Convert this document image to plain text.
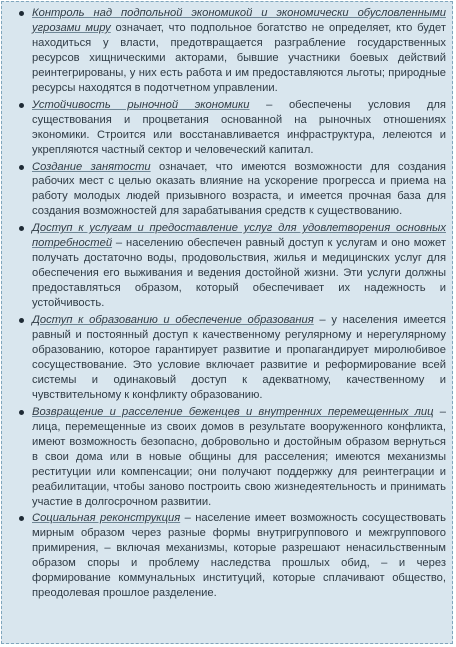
Контроль над подпольной экономикой и экономически обусловленными угрозами миру означает, что подпольное богатство не определяет, кто будет находиться у власти, предотвращается разграбление государственных ресурсов хищническими акторами, бывшие участники боевых действий реинтегрированы, у них есть работа и им предоставляются льготы; природные ресурсы находятся в подотчетном управлении.
Устойчивость рыночной экономики – обеспечены условия для существования и процветания основанной на рыночных отношениях экономики. Строится или восстанавливается инфраструктура, лелеются и укрепляются частный сектор и человеческий капитал.
Создание занятости означает, что имеются возможности для создания рабочих мест с целью оказать влияние на ускорение прогресса и приема на работу молодых людей призывного возраста, и имеется прочная база для создания возможностей для зарабатывания средств к существованию.
Доступ к услугам и предоставление услуг для удовлетворения основных потребностей – населению обеспечен равный доступ к услугам и оно может получать достаточно воды, продовольствия, жилья и медицинских услуг для обеспечения его выживания и ведения достойной жизни. Эти услуги должны предоставляться образом, который обеспечивает их надежность и устойчивость.
Доступ к образованию и обеспечение образования – у населения имеется равный и постоянный доступ к качественному регулярному и нерегулярному образованию, которое гарантирует развитие и пропагандирует миролюбивое сосуществование. Это условие включает развитие и реформирование всей системы и одинаковый доступ к адекватному, качественному и чувствительному к конфликту образованию.
Возвращение и расселение беженцев и внутренних перемещенных лиц – лица, перемещенные из своих домов в результате вооруженного конфликта, имеют возможность безопасно, добровольно и достойным образом вернуться в свои дома или в новые общины для расселения; имеются механизмы реституции или компенсации; они получают поддержку для реинтеграции и реабилитации, чтобы заново построить свою жизнедеятельность и принимать участие в долгосрочном развитии.
Социальная реконструкция – население имеет возможность сосуществовать мирным образом через разные формы внутригруппового и межгруппового примирения, – включая механизмы, которые разрешают ненасильственным образом споры и проблему наследства прошлых обид, – и через формирование коммунальных институций, которые сплачивают общество, преодолевая прошлое разделение.
